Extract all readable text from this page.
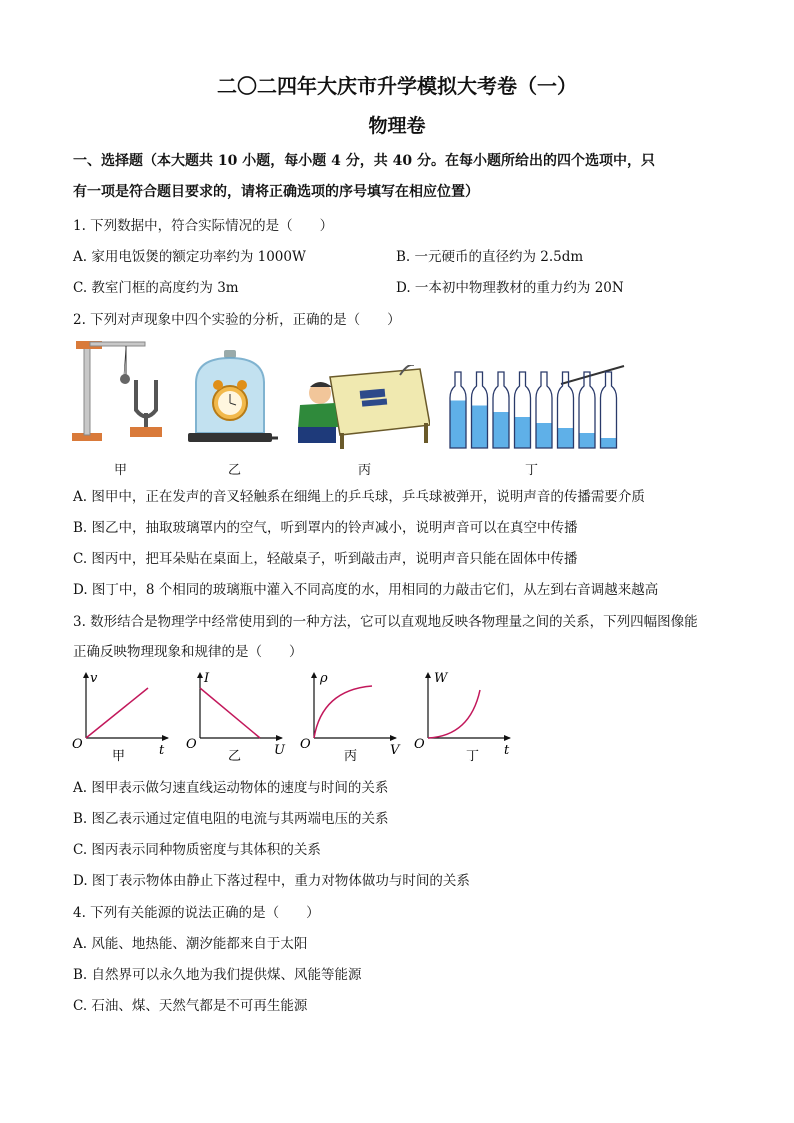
二〇二四年大庆市升学模拟大考卷（一）
物理卷
一、选择题（本大题共 10 小题，每小题 4 分，共 40 分。在每小题所给出的四个选项中，只
有一项是符合题目要求的，请将正确选项的序号填写在相应位置）
1. 下列数据中，符合实际情况的是（　　）
A. 家用电饭煲的额定功率约为 1000W	B. 一元硬币的直径约为 2.5dm
C. 教室门框的高度约为 3m	D. 一本初中物理教材的重力约为 20N
2. 下列对声现象中四个实验的分析，正确的是（　　）
甲	乙	丙	丁
A. 图甲中，正在发声的音叉轻触系在细绳上的乒乓球，乒乓球被弹开，说明声音的传播需要介质
B. 图乙中，抽取玻璃罩内的空气，听到罩内的铃声减小，说明声音可以在真空中传播
C. 图丙中，把耳朵贴在桌面上，轻敲桌子，听到敲击声，说明声音只能在固体中传播
D. 图丁中，8 个相同的玻璃瓶中灌入不同高度的水，用相同的力敲击它们，从左到右音调越来越高
3. 数形结合是物理学中经常使用到的一种方法，它可以直观地反映各物理量之间的关系，下列四幅图像能
正确反映物理现象和规律的是（　　）
v
t
O
甲
I
U
O
乙
ρ
V
O
丙
W
t
O
丁
A. 图甲表示做匀速直线运动物体的速度与时间的关系
B. 图乙表示通过定值电阻的电流与其两端电压的关系
C. 图丙表示同种物质密度与其体积的关系
D. 图丁表示物体由静止下落过程中，重力对物体做功与时间的关系
4. 下列有关能源的说法正确的是（　　）
A. 风能、地热能、潮汐能都来自于太阳
B. 自然界可以永久地为我们提供煤、风能等能源
C. 石油、煤、天然气都是不可再生能源
